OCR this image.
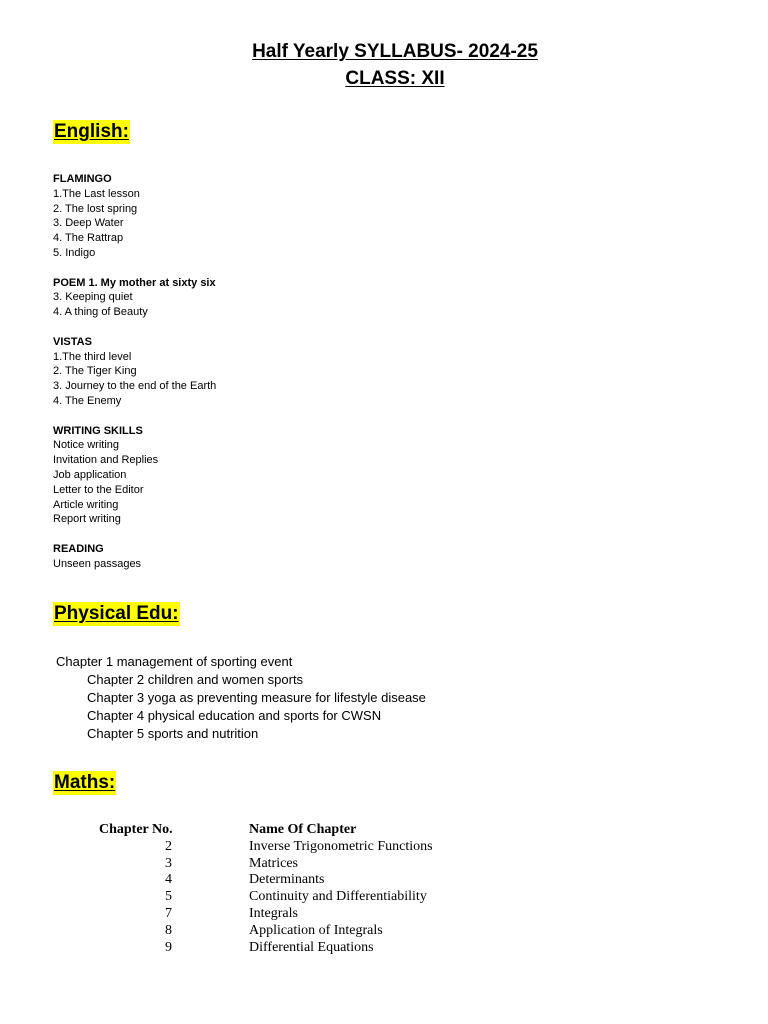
Half Yearly SYLLABUS- 2024-25
CLASS: XII
English:
FLAMINGO
1.The Last lesson
2. The lost spring
3. Deep Water
4. The Rattrap
5. Indigo
POEM 1. My mother at sixty six
3. Keeping quiet
4. A thing of Beauty
VISTAS
1.The third level
2. The Tiger King
3. Journey to the end of the Earth
4. The Enemy
WRITING SKILLS
Notice writing
Invitation and Replies
Job application
Letter to the Editor
Article writing
Report writing
READING
Unseen passages
Physical Edu:
Chapter 1 management of sporting event
Chapter 2 children and women sports
Chapter 3 yoga as preventing measure for lifestyle disease
Chapter 4 physical education and sports for CWSN
Chapter 5 sports and nutrition
Maths:
Chapter No.	Name Of Chapter
2	Inverse Trigonometric Functions
3	Matrices
4	Determinants
5	Continuity and Differentiability
7	Integrals
8	Application of Integrals
9	Differential Equations
